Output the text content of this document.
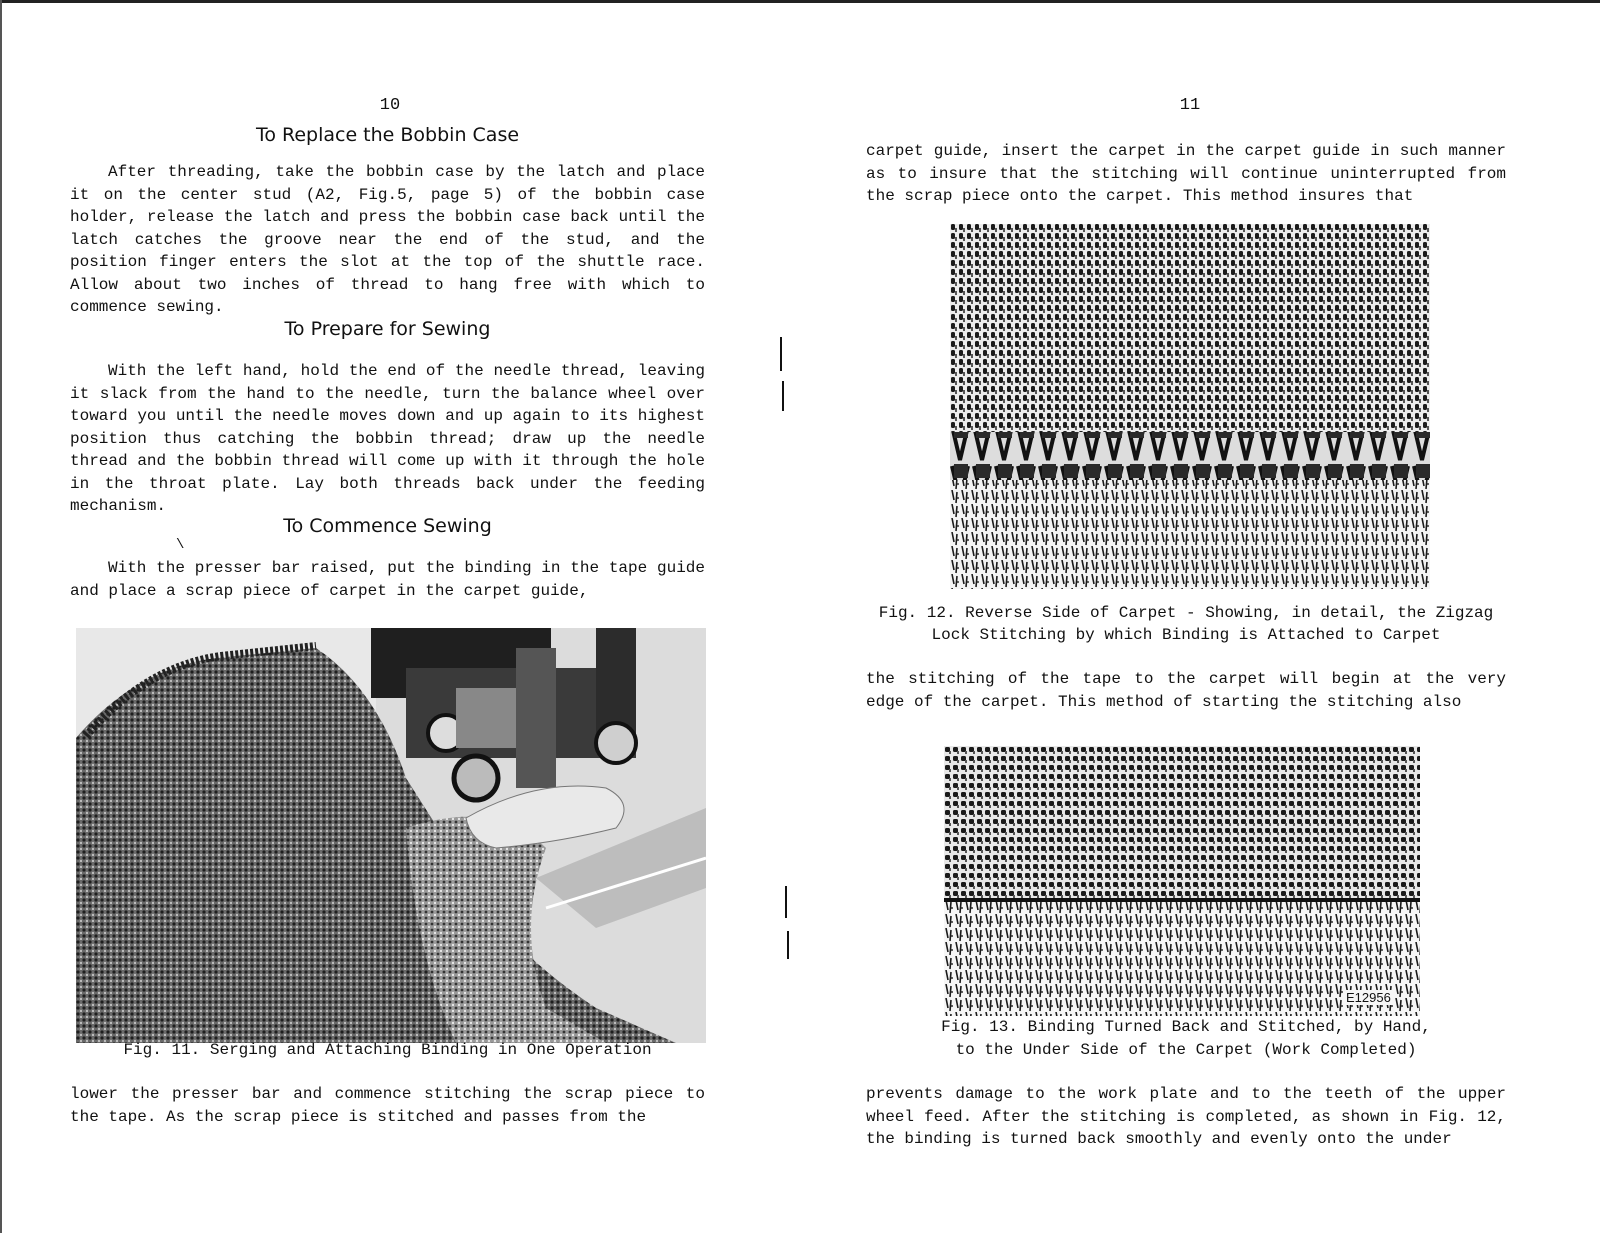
10
To Replace the Bobbin Case
After threading, take the bobbin case by the latch and place it on the center stud (A2, Fig.5, page 5) of the bobbin case holder, release the latch and press the bobbin case back until the latch catches the groove near the end of the stud, and the position finger enters the slot at the top of the shuttle race. Allow about two inches of thread to hang free with which to commence sewing.
To Prepare for Sewing
With the left hand, hold the end of the needle thread, leaving it slack from the hand to the needle, turn the balance wheel over toward you until the needle moves down and up again to its highest position thus catching the bobbin thread; draw up the needle thread and the bobbin thread will come up with it through the hole in the throat plate. Lay both threads back under the feeding mechanism.
\
To Commence Sewing
With the presser bar raised, put the binding in the tape guide and place a scrap piece of carpet in the carpet guide,
Fig. 11. Serging and Attaching Binding in One Operation
lower the presser bar and commence stitching the scrap piece to the tape. As the scrap piece is stitched and passes from the
11
carpet guide, insert the carpet in the carpet guide in such manner as to insure that the stitching will continue uninterrupted from the scrap piece onto the carpet. This method insures that
Fig. 12. Reverse Side of Carpet - Showing, in detail, the Zigzag
Lock Stitching by which Binding is Attached to Carpet
the stitching of the tape to the carpet will begin at the very edge of the carpet. This method of starting the stitching also
E12956
Fig. 13. Binding Turned Back and Stitched, by Hand,
to the Under Side of the Carpet (Work Completed)
prevents damage to the work plate and to the teeth of the upper wheel feed. After the stitching is completed, as shown in Fig. 12, the binding is turned back smoothly and evenly onto the under
